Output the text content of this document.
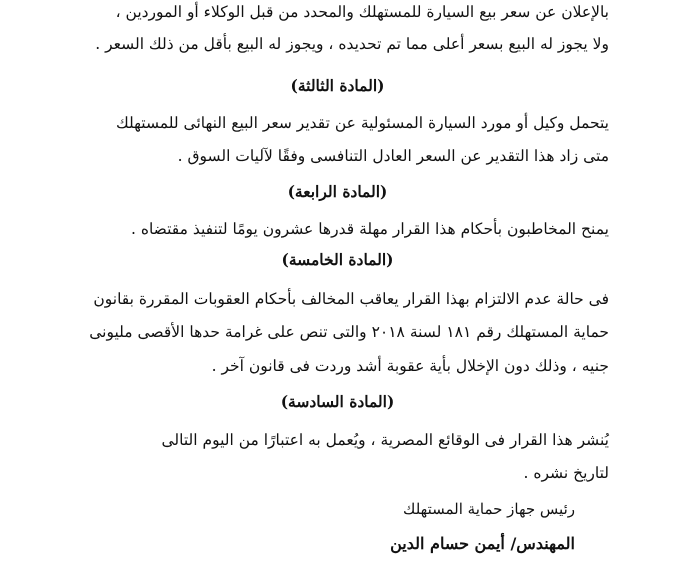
بالإعلان عن سعر بيع السيارة للمستهلك والمحدد من قبل الوكلاء أو الموردين ،
ولا يجوز له البيع بسعر أعلى مما تم تحديده ، ويجوز له البيع بأقل من ذلك السعر .
(المادة الثالثة)
يتحمل وكيل أو مورد السيارة المسئولية عن تقدير سعر البيع النهائى للمستهلك
متى زاد هذا التقدير عن السعر العادل التنافسى وفقًا لآليات السوق .
(المادة الرابعة)
يمنح المخاطبون بأحكام هذا القرار مهلة قدرها عشرون يومًا لتنفيذ مقتضاه .
(المادة الخامسة)
فى حالة عدم الالتزام بهذا القرار يعاقب المخالف بأحكام العقوبات المقررة بقانون
حماية المستهلك رقم ١٨١ لسنة ٢٠١٨ والتى تنص على غرامة حدها الأقصى مليونى
جنيه ، وذلك دون الإخلال بأية عقوبة أشد وردت فى قانون آخر .
(المادة السادسة)
يُنشر هذا القرار فى الوقائع المصرية ، ويُعمل به اعتبارًا من اليوم التالى
لتاريخ نشره .
رئيس جهاز حماية المستهلك
المهندس/ أيمن حسام الدين
